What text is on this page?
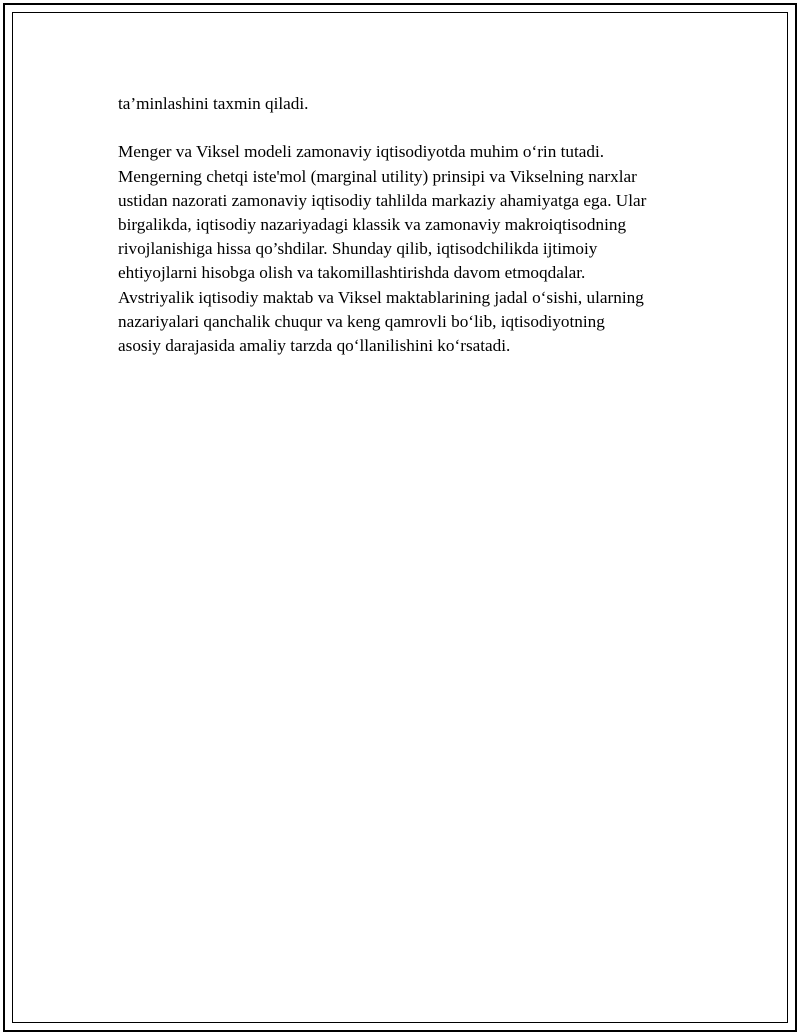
ta’minlashini taxmin qiladi.

Menger va Viksel modeli zamonaviy iqtisodiyotda muhim o‘rin tutadi.
Mengerning chetqi iste'mol (marginal utility) prinsipi va Vikselning narxlar
ustidan nazorati zamonaviy iqtisodiy tahlilda markaziy ahamiyatga ega. Ular
birgalikda, iqtisodiy nazariyadagi klassik va zamonaviy makroiqtisodning
rivojlanishiga hissa qo’shdilar. Shunday qilib, iqtisodchilikda ijtimoiy
ehtiyojlarni hisobga olish va takomillashtirishda davom etmoqdalar.
Avstriyalik iqtisodiy maktab va Viksel maktablarining jadal o‘sishi, ularning
nazariyalari qanchalik chuqur va keng qamrovli bo‘lib, iqtisodiyotning
asosiy darajasida amaliy tarzda qo‘llanilishini ko‘rsatadi.
